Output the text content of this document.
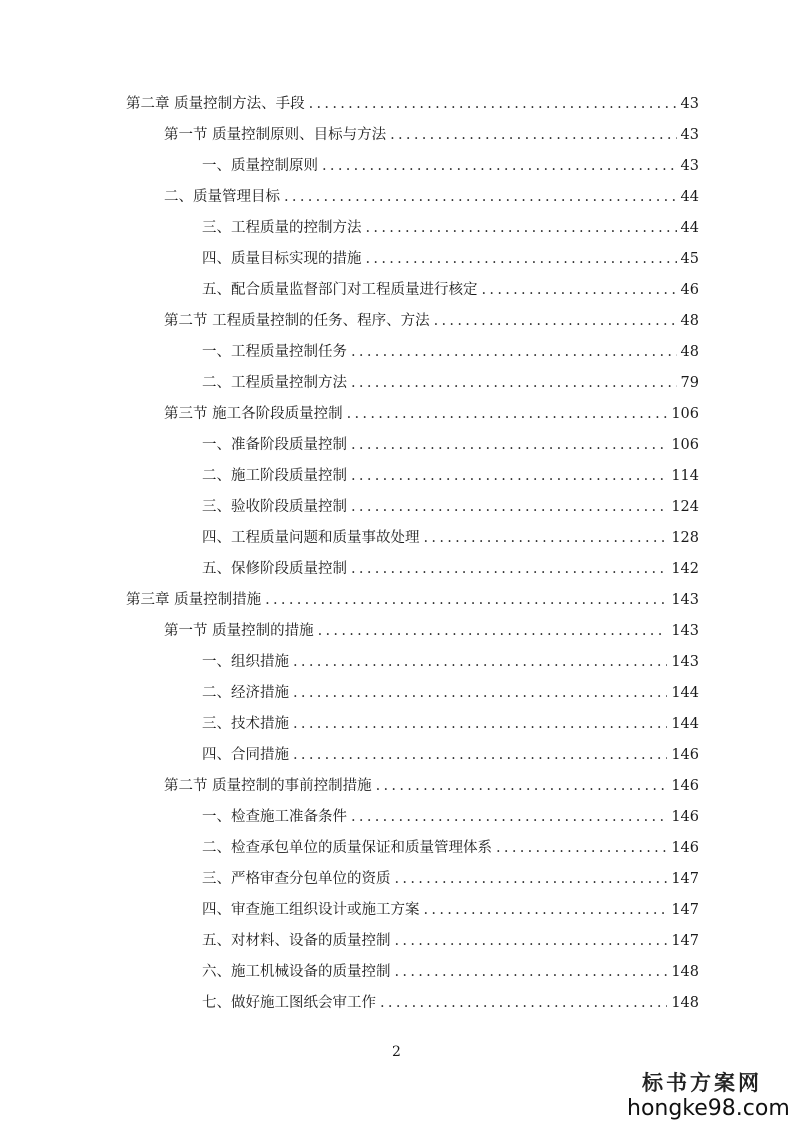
第二章 质量控制方法、手段 .....	43
第一节 质量控制原则、目标与方法 .....	43
一、质量控制原则 .....	43
二、质量管理目标 .....	44
三、工程质量的控制方法 .....	44
四、质量目标实现的措施 .....	45
五、配合质量监督部门对工程质量进行核定 .....	46
第二节 工程质量控制的任务、程序、方法 .....	48
一、工程质量控制任务 .....	48
二、工程质量控制方法 .....	79
第三节 施工各阶段质量控制 .....	106
一、准备阶段质量控制 .....	106
二、施工阶段质量控制 .....	114
三、验收阶段质量控制 .....	124
四、工程质量问题和质量事故处理 .....	128
五、保修阶段质量控制 .....	142
第三章 质量控制措施 .....	143
第一节 质量控制的措施 .....	143
一、组织措施 .....	143
二、经济措施 .....	144
三、技术措施 .....	144
四、合同措施 .....	146
第二节 质量控制的事前控制措施 .....	146
一、检查施工准备条件 .....	146
二、检查承包单位的质量保证和质量管理体系 .....	146
三、严格审查分包单位的资质 .....	147
四、审查施工组织设计或施工方案 .....	147
五、对材料、设备的质量控制 .....	147
六、施工机械设备的质量控制 .....	148
七、做好施工图纸会审工作 .....	148
2
标书方案网
hongke98.com
